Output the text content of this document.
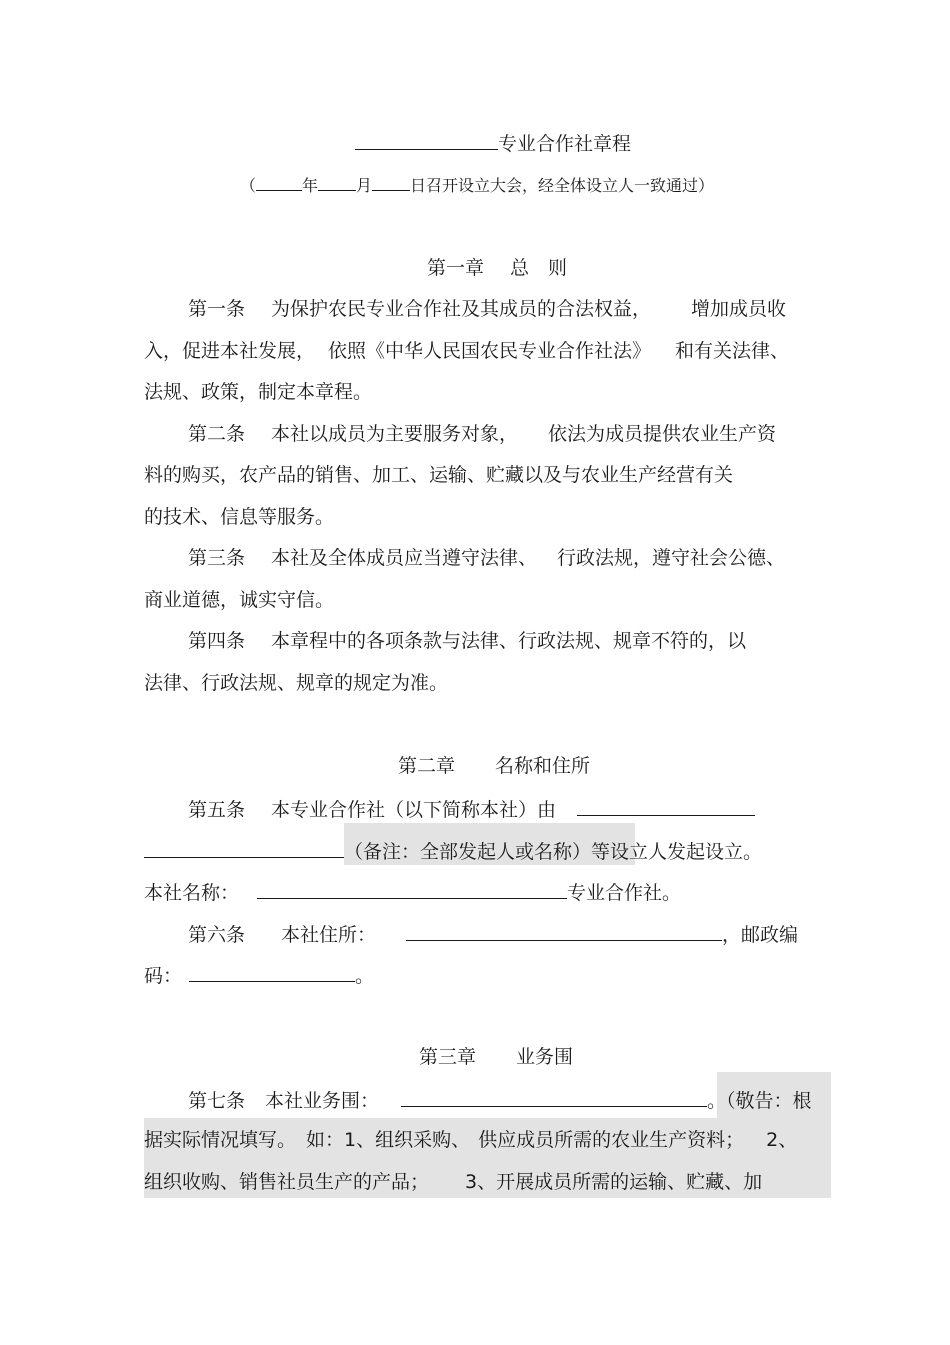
专业合作社章程
（	年 月 日召开设立大会，经全体设立人一致通过）
第一章 总　则
第一条 为保护农民专业合作社及其成员的合法权益， 增加成员收
入，促进本社发展， 依照《中华人民国农民专业合作社法》 和有关法律、
法规、政策，制定本章程。
第二条 本社以成员为主要服务对象， 依法为成员提供农业生产资
料的购买，农产品的销售、加工、运输、贮藏以及与农业生产经营有关
的技术、信息等服务。
第三条 本社及全体成员应当遵守法律、 行政法规，遵守社会公德、
商业道德，诚实守信。
第四条 本章程中的各项条款与法律、行政法规、规章不符的，以
法律、行政法规、规章的规定为准。
第二章 名称和住所
第五条 本专业合作社（以下简称本社）由
（备注：全部发起人或名称）等设立人发起设立。
本社名称：	专业合作社。
第六条 本社住所：	，邮政编
码：	。
第三章 业务围
第七条 本社业务围：	。（敬告：根
据实际情况填写。 如：1、组织采购、 供应成员所需的农业生产资料； 2、
组织收购、销售社员生产的产品； 3、开展成员所需的运输、贮藏、加
